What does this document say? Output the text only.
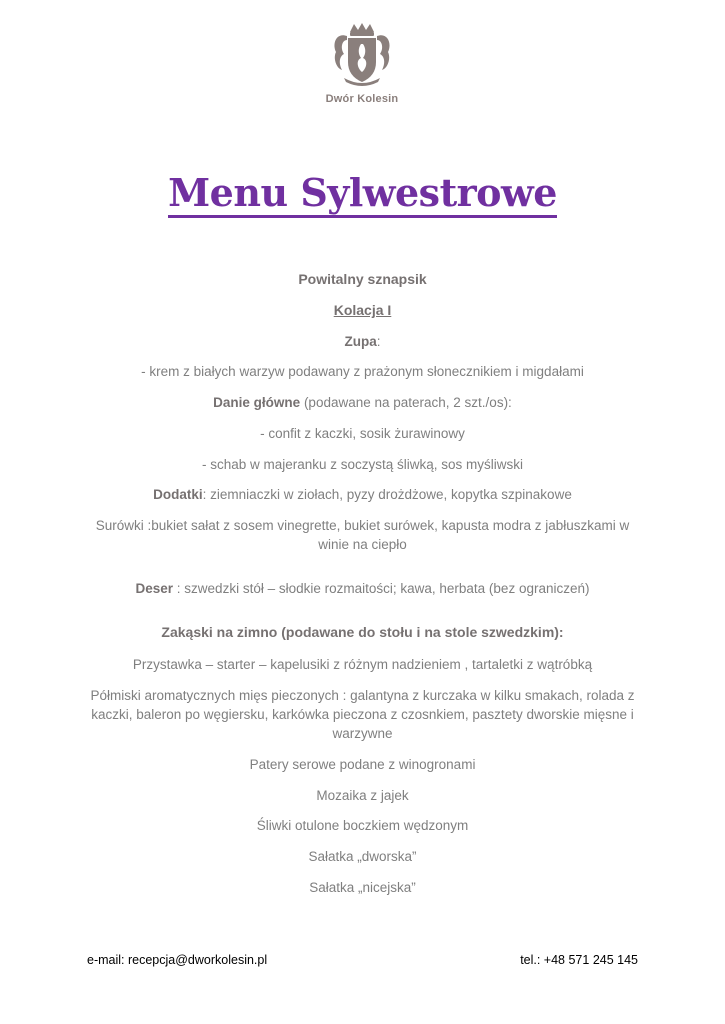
Dwór Kolesin
Menu Sylwestrowe
Powitalny sznapsik
Kolacja I
Zupa:
- krem z białych warzyw podawany z prażonym słonecznikiem i migdałami
Danie główne (podawane na paterach, 2 szt./os):
- confit z kaczki, sosik żurawinowy
- schab w majeranku z soczystą śliwką, sos myśliwski
Dodatki: ziemniaczki w ziołach, pyzy drożdżowe, kopytka szpinakowe
Surówki :bukiet sałat z sosem vinegrette, bukiet surówek, kapusta modra z jabłuszkami w
winie na ciepło
Deser : szwedzki stół – słodkie rozmaitości; kawa, herbata (bez ograniczeń)
Zakąski na zimno (podawane do stołu i na stole szwedzkim):
Przystawka – starter – kapelusiki z różnym nadzieniem , tartaletki z wątróbką
Półmiski aromatycznych mięs pieczonych : galantyna z kurczaka w kilku smakach, rolada z
kaczki, baleron po węgiersku, karkówka pieczona z czosnkiem, pasztety dworskie mięsne i
warzywne
Patery serowe podane z winogronami
Mozaika z jajek
Śliwki otulone boczkiem wędzonym
Sałatka „dworska”
Sałatka „nicejska”
e-mail: recepcja@dworkolesin.pl	tel.: +48 571 245 145
